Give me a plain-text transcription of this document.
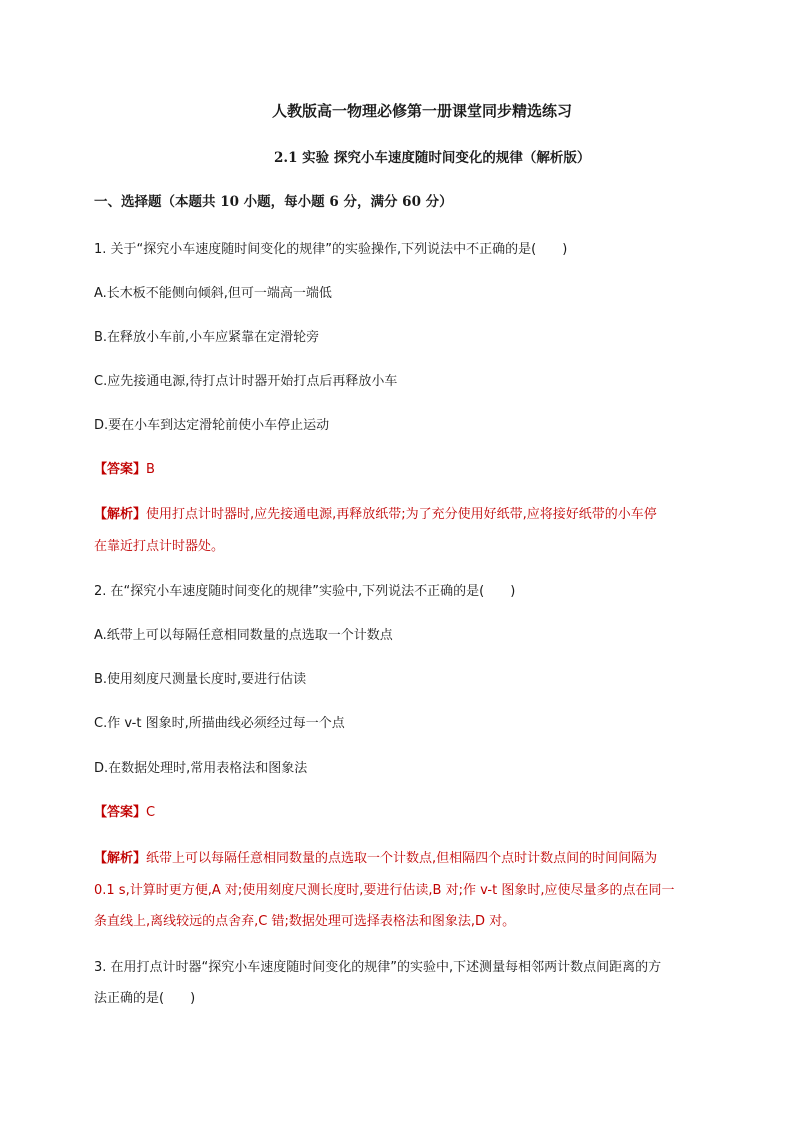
人教版高一物理必修第一册课堂同步精选练习
2.1 实验 探究小车速度随时间变化的规律（解析版）
一、选择题（本题共 10 小题，每小题 6 分，满分 60 分）
1. 关于“探究小车速度随时间变化的规律”的实验操作,下列说法中不正确的是(　　)
A.长木板不能侧向倾斜,但可一端高一端低
B.在释放小车前,小车应紧靠在定滑轮旁
C.应先接通电源,待打点计时器开始打点后再释放小车
D.要在小车到达定滑轮前使小车停止运动
【答案】B
【解析】使用打点计时器时,应先接通电源,再释放纸带;为了充分使用好纸带,应将接好纸带的小车停
在靠近打点计时器处。
2. 在“探究小车速度随时间变化的规律”实验中,下列说法不正确的是(　　)
A.纸带上可以每隔任意相同数量的点选取一个计数点
B.使用刻度尺测量长度时,要进行估读
C.作 v-t 图象时,所描曲线必须经过每一个点
D.在数据处理时,常用表格法和图象法
【答案】C
【解析】纸带上可以每隔任意相同数量的点选取一个计数点,但相隔四个点时计数点间的时间间隔为
0.1 s,计算时更方便,A 对;使用刻度尺测长度时,要进行估读,B 对;作 v-t 图象时,应使尽量多的点在同一
条直线上,离线较远的点舍弃,C 错;数据处理可选择表格法和图象法,D 对。
3. 在用打点计时器“探究小车速度随时间变化的规律”的实验中,下述测量每相邻两计数点间距离的方
法正确的是(　　)
